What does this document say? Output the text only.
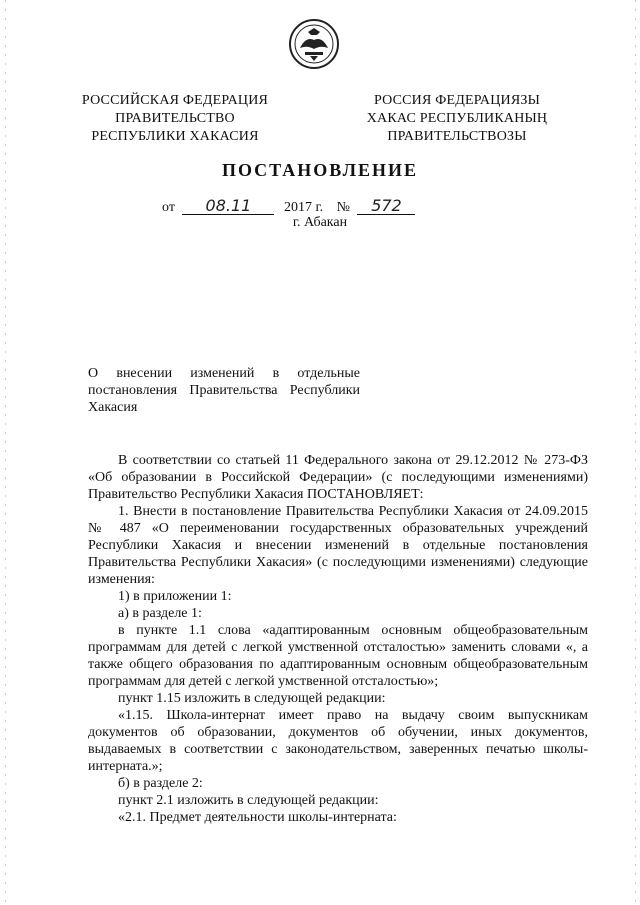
РОССИЙСКАЯ ФЕДЕРАЦИЯ
ПРАВИТЕЛЬСТВО
РЕСПУБЛИКИ ХАКАСИЯ
РОССИЯ ФЕДЕРАЦИЯЗЫ
ХАКАС РЕСПУБЛИКАНЫҢ
ПРАВИТЕЛЬСТВОЗЫ
ПОСТАНОВЛЕНИЕ
от 08.11 2017 г. № 572
г. Абакан
О внесении изменений в отдельные постановления Правительства Республики Хакасия

В соответствии со статьей 11 Федерального закона от 29.12.2012 № 273-ФЗ «Об образовании в Российской Федерации» (с последующими изменениями) Правительство Республики Хакасия ПОСТАНОВЛЯЕТ:

1. Внести в постановление Правительства Республики Хакасия от 24.09.2015 № 487 «О переименовании государственных образовательных учреждений Республики Хакасия и внесении изменений в отдельные постановления Правительства Республики Хакасия» (с последующими изменениями) следующие изменения:

1) в приложении 1:

а) в разделе 1:

в пункте 1.1 слова «адаптированным основным общеобразовательным программам для детей с легкой умственной отсталостью» заменить словами «, а также общего образования по адаптированным основным общеобразовательным программам для детей с легкой умственной отсталостью»;

пункт 1.15 изложить в следующей редакции:

«1.15. Школа-интернат имеет право на выдачу своим выпускникам документов об образовании, документов об обучении, иных документов, выдаваемых в соответствии с законодательством, заверенных печатью школы-интерната.»;

б) в разделе 2:

пункт 2.1 изложить в следующей редакции:

«2.1. Предмет деятельности школы-интерната:
